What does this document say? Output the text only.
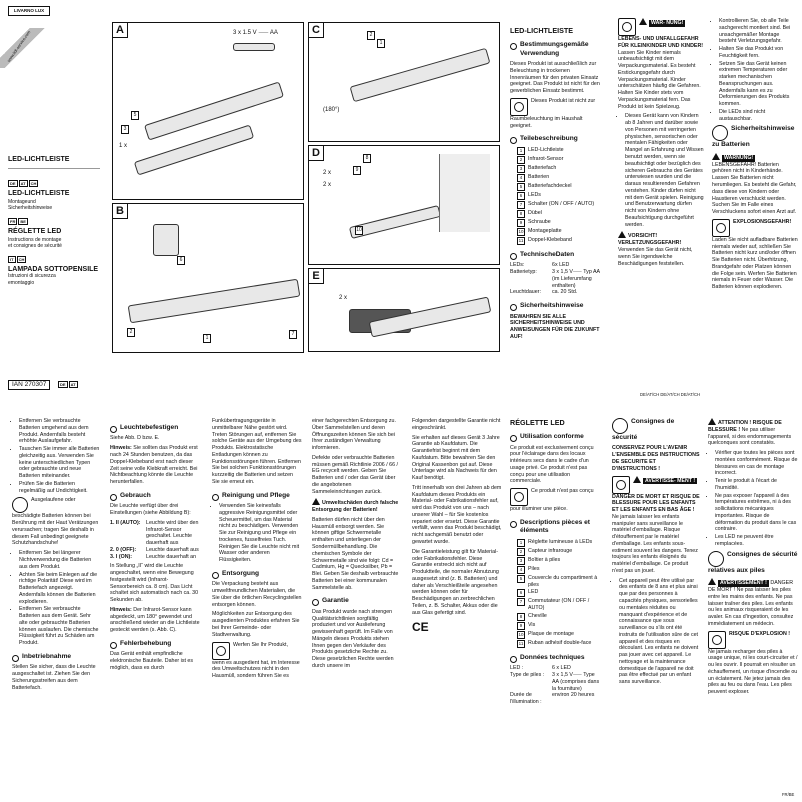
LIVARNO LUX
www.lidl-service.com
LED-LICHTLEISTE
DE AT CH
LED-LICHTLEISTE
Montageund
Sicherheitshinweise
FR BE
RÉGLETTE LED
Instructions de montage
et consignes de sécurité
IT CH
LAMPADA SOTTOPENSILE
Istruzioni di sicurezza
emontaggio
IAN 270307	DE AT
A	3 x 1.5 V ⸺ AA
5
3
1 x
B
6
2
1
7
C
(180°)
2
1
D
2 x
2 x
8
9
10
E
2 x
LED-LICHTLEISTE
Bestimmungsgemäße Verwendung

Dieses Produkt ist ausschließlich zur Beleuchtung in trockenen Innenräumen für den privaten Einsatz geeignet. Das Produkt ist nicht für den gewerblichen Einsatz bestimmt.

Dieses Produkt ist nicht zur Raumbeleuchtung im Haushalt geeignet.

Teilebeschreibung
1	LED-Lichtleiste
2	Infrarot-Sensor
3	Batteriefach
4	Batterien
5	Batteriefachdeckel
6	LEDs
7	Schalter (ON / OFF / AUTO)
8	Dübel
9	Schraube
10 Montageplatte
11 Doppel-Klebeband
TechnischeDaten
LEDs:	6x LED
Batterietyp:	3 x 1,5 V⸺ Typ AA (im Lieferumfang enthalten)
Leuchtdauer:	ca. 20 Std.
Sicherheitshinweise

BEWAHREN SIE ALLE SICHERHEITSHINWEISE UND ANWEISUNGEN FÜR DIE ZUKUNFT AUF!

WAR- NUNG! LEBENS- UND UNFALLGEFAHR FÜR KLEINKINDER UND KINDER! Lassen Sie Kinder niemals unbeaufsichtigt mit dem Verpackungsmaterial. Es besteht Erstickungsgefahr durch Verpackungsmaterial. Kinder unterschätzen häufig die Gefahren. Halten Sie Kinder stets vom Verpackungsmaterial fern. Das Produkt ist kein Spielzeug.

• Dieses Gerät kann von Kindern ab 8 Jahren und darüber sowie von Personen mit verringerten physischen, sensorischen oder mentalen Fähigkeiten oder Mangel an Erfahrung und Wissen benutzt werden, wenn sie beaufsichtigt oder bezüglich des sicheren Gebrauchs des Gerätes unterwiesen wurden und die daraus resultierenden Gefahren verstehen. Kinder dürfen nicht mit dem Gerät spielen. Reinigung und Benutzerwartung dürfen nicht von Kindern ohne Beaufsichtigung durchgeführt werden.

VORSICHT! VERLETZUNGSGEFAHR! Verwenden Sie das Gerät nicht, wenn Sie irgendwelche Beschädigungen feststellen.

• Kontrollieren Sie, ob alle Teile sachgerecht montiert sind. Bei unsachgemäßer Montage besteht Verletzungsgefahr.
• Halten Sie das Produkt von Feuchtigkeit fern.
• Setzen Sie das Gerät keinen extremen Temperaturen oder starken mechanischen Beanspruchungen aus. Andernfalls kann es zu Deformierungen des Produkts kommen.
• Die LEDs sind nicht austauschbar.

Sicherheitshinweise zu Batterien

WARNUNG! LEBENSGEFAHR! Batterien gehören nicht in Kinderhände. Lassen Sie Batterien nicht herumliegen. Es besteht die Gefahr, dass diese von Kindern oder Haustieren verschluckt werden. Suchen Sie im Falle eines Verschluckens sofort einen Arzt auf.

EXPLOSIONSGEFAHR! Laden Sie nicht aufladbare Batterien niemals wieder auf, schließen Sie Batterien nicht kurz und/oder öffnen Sie Batterien nicht. Überhitzung, Brandgefahr oder Platzen können die Folge sein. Werfen Sie Batterien niemals in Feuer oder Wasser. Die Batterien können explodieren.

DE/AT/CH DE/AT/CH DE/AT/CH
• Entfernen Sie verbrauchte Batterien umgehend aus dem Produkt. Andernfalls besteht erhöhte Auslaufgefahr.
• Tauschen Sie immer alle Batterien gleichzeitig aus. Verwenden Sie keine unterschiedlichen Typen oder gebrauchte und neue Batterien miteinander.
• Prüfen Sie die Batterien regelmäßig auf Undichtigkeit.

Ausgelaufene oder beschädigte Batterien können bei Berührung mit der Haut Verätzungen verursachen; tragen Sie deshalb in diesem Fall unbedingt geeignete Schutzhandschuhe!

• Entfernen Sie bei längerer Nichtverwendung die Batterien aus dem Produkt.
• Achten Sie beim Einlegen auf die richtige Polarität! Diese wird im Batteriefach angezeigt. Andernfalls können die Batterien explodieren.
• Entfernen Sie verbrauchte Batterien aus dem Gerät. Sehr alte oder gebrauchte Batterien können auslaufen. Die chemische Flüssigkeit führt zu Schäden am Produkt.
Inbetriebnahme

Stellen Sie sicher, dass die Leuchte ausgeschaltet ist. Ziehen Sie den Sicherungsstreifen aus dem Batteriefach.

Leuchtebefestigen

Siehe Abb. D bzw. E.

Hinweis: Sie sollten das Produkt erst nach 24 Stunden benutzen, da das Doppel-Klebeband erst nach dieser Zeit seine volle Klebkraft erreicht. Bei Nichtbeachtung könnte die Leuchte herunterfallen.

Gebrauch

Die Leuchte verfügt über drei Einstellungen (siehe Abbildung B):

1. II (AUTO):	Leuchte wird über den Infrarot-Sensor geschaltet. Leuchte dauerhaft aus
2. 0 (OFF):	Leuchte dauerhaft aus
3. I (ON):	Leuchte dauerhaft an

In Stellung „II“ wird die Leuchte angeschaltet, wenn eine Bewegung festgestellt wird (Infrarot-Sensorbereich ca. 8 cm). Das Licht schaltet sich automatisch nach ca. 30 Sekunden ab.

Hinweis: Der Infrarot-Sensor kann abgedeckt, um 180° gewendet und anschließend wieder an die Lichtleiste gesteckt werden (s. Abb. C).

Fehlerbehebung

Das Gerät enthält empfindliche elektronische Bauteile. Daher ist es möglich, dass es durch

Funkübertragungsgeräte in unmittelbarer Nähe gestört wird. Treten Störungen auf, entfernen Sie solche Geräte aus der Umgebung des Produkts. Elektrostatische Entladungen können zu Funktionsstörungen führen. Entfernen Sie bei solchen Funktionsstörungen kurzzeitig die Batterien und setzen Sie sie erneut ein.

Reinigung und Pflege
• Verwenden Sie keinesfalls aggressive Reinigungsmittel oder Scheuermittel, um das Material nicht zu beschädigen. Verwenden Sie zur Reinigung und Pflege ein trockenes, fusselfreies Tuch. Reinigen Sie die Leuchte nicht mit Wasser oder anderen Flüssigkeiten.
Entsorgung

Die Verpackung besteht aus umweltfreundlichen Materialien, die Sie über die örtlichen Recyclingstellen entsorgen können.

Möglichkeiten zur Entsorgung des ausgedienten Produktes erfahren Sie bei Ihrer Gemeinde- oder Stadtverwaltung.

Werfen Sie Ihr Produkt, wenn es ausgedient hat, im Interesse des Umweltschutzes nicht in den Hausmüll, sondern führen Sie es

einer fachgerechten Entsorgung zu. Über Sammelstellen und deren Öffnungszeiten können Sie sich bei Ihrer zuständigen Verwaltung informieren.

Defekte oder verbrauchte Batterien müssen gemäß Richtlinie 2006 / 66 / EG recycelt werden. Geben Sie Batterien und / oder das Gerät über die angebotenen Sammeleinrichtungen zurück.

Umweltschäden durch falsche Entsorgung der Batterien!

Batterien dürfen nicht über den Hausmüll entsorgt werden. Sie können giftige Schwermetalle enthalten und unterliegen der Sondermüllbehandlung. Die chemischen Symbole der Schwermetalle sind wie folgt: Cd = Cadmium, Hg = Quecksilber, Pb = Blei. Geben Sie deshalb verbrauchte Batterien bei einer kommunalen Sammelstelle ab.

Garantie

Das Produkt wurde nach strengen Qualitätsrichtlinien sorgfältig produziert und vor Auslieferung gewissenhaft geprüft. Im Falle von Mängeln dieses Produkts stehen Ihnen gegen den Verkäufer des Produkts gesetzliche Rechte zu. Diese gesetzlichen Rechte werden durch unsere im

Folgenden dargestellte Garantie nicht eingeschränkt.

Sie erhalten auf dieses Gerät 3 Jahre Garantie ab Kaufdatum. Die Garantiefrist beginnt mit dem Kaufdatum. Bitte bewahren Sie den Original Kassenbon gut auf. Diese Unterlage wird als Nachweis für den Kauf benötigt.

Tritt innerhalb von drei Jahren ab dem Kaufdatum dieses Produkts ein Material- oder Fabrikationsfehler auf, wird das Produkt von uns – nach unserer Wahl – für Sie kostenlos repariert oder ersetzt. Diese Garantie verfällt, wenn das Produkt beschädigt, nicht sachgemäß benutzt oder gewartet wurde.

Die Garantieleistung gilt für Material- oder Fabrikationsfehler. Diese Garantie erstreckt sich nicht auf Produktteile, die normaler Abnutzung ausgesetzt sind (z. B. Batterien) und daher als Verschleißteile angesehen werden können oder für Beschädigungen an zerbrechlichen Teilen, z. B. Schalter, Akkus oder die aus Glas gefertigt sind.

CE
RÉGLETTE LED
Utilisation conforme

Ce produit est exclusivement conçu pour l'éclairage dans des locaux intérieurs secs dans le cadre d'un usage privé. Ce produit n'est pas conçu pour une utilisation commerciale.

Ce produit n'est pas conçu pour illuminer une pièce.

Descriptions pièces et éléments
1	Réglette lumineuse à LEDs
2	Capteur infrarouge
3	Boîtier à piles
4	Piles
5	Couvercle du compartiment à piles
6	LED
7	Commutateur (ON / OFF / AUTO)
8	Cheville
9	Vis
10 Plaque de montage
11 Ruban adhésif double-face
Données techniques
LED :	6 x LED
Type de piles :	3 x 1,5 V⸺ Type AA (comprises dans la fourniture)
Durée de l'illumination :
environ 20 heures

Consignes de sécurité

CONSERVEZ POUR L'AVENIR L'ENSEMBLE DES INSTRUCTIONS DE SECURITE ET D'INSTRUCTIONS !

AVERTISSE- MENT ! DANGER DE MORT ET RISQUE DE BLESSURE POUR LES ENFANTS ET LES ENFANTS EN BAS ÂGE ! Ne jamais laisser les enfants manipuler sans surveillance le matériel d'emballage. Risque d'étouffement par le matériel d'emballage. Les enfants sous-estiment souvent les dangers. Tenez toujours les enfants éloignés du matériel d'emballage. Ce produit n'est pas un jouet.

• Cet appareil peut être utilisé par des enfants de 8 ans et plus ainsi que par des personnes à capacités physiques, sensorielles ou mentales réduites ou manquant d'expérience et de connaissance que sous surveillance ou s'ils ont été instruits de l'utilisation sûre de cet appareil et des risques en découlant. Les enfants ne doivent pas jouer avec cet appareil. Le nettoyage et la maintenance domestique de l'appareil ne doit pas être effectué par un enfant sans surveillance.

ATTENTION ! RISQUE DE BLESSURE ! Ne pas utiliser l'appareil, si des endommagements quelconques sont constatés.

• Vérifier que toutes les pièces sont montées conformément. Risque de blessures en cas de montage incorrect.
• Tenir le produit à l'écart de l'humidité.
• Ne pas exposer l'appareil à des températures extrêmes, ni à des sollicitations mécaniques importantes. Risque de déformation du produit dans le cas contraire.
• Les LED ne peuvent être remplacées.

Consignes de sécurité relatives aux piles

AVERTISSEMENT ! DANGER DE MORT ! Ne pas laisser les piles entre les mains des enfants. Ne pas laisser traîner des piles. Les enfants ou les animaux risqueraient de les avaler. En cas d'ingestion, consultez immédiatement un médecin.

RISQUE D'EXPLOSION ! Ne jamais recharger des piles à usage unique, ni les court-circuiter et / ou les ouvrir. Il pourrait en résulter un échauffement, un risque d'incendie ou un éclatement. Ne jetez jamais des piles au feu ou dans l'eau. Les piles peuvent exploser.

FR/BE
